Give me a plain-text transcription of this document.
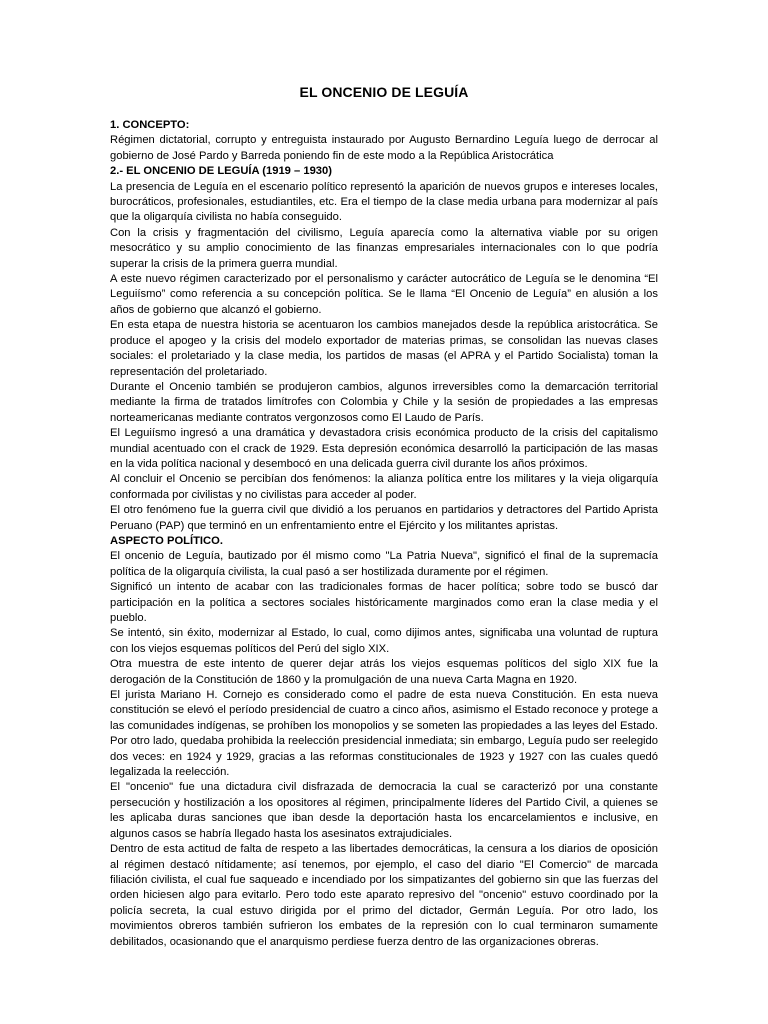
EL ONCENIO DE LEGUÍA
1. CONCEPTO:

Régimen dictatorial, corrupto y entreguista instaurado por Augusto Bernardino Leguía luego de derrocar al gobierno de José Pardo y Barreda poniendo fin de este modo a la República Aristocrática

2.- EL ONCENIO DE LEGUÍA (1919 – 1930)

La presencia de Leguía en el escenario político representó la aparición de nuevos grupos e intereses locales, burocráticos, profesionales, estudiantiles, etc. Era el tiempo de la clase media urbana para modernizar al país que la oligarquía civilista no había conseguido.

Con la crisis y fragmentación del civilismo, Leguía aparecía como la alternativa viable por su origen mesocrático y su amplio conocimiento de las finanzas empresariales internacionales con lo que podría superar la crisis de la primera guerra mundial.

A este nuevo régimen caracterizado por el personalismo y carácter autocrático de Leguía se le denomina “El Leguiísmo” como referencia a su concepción política. Se le llama “El Oncenio de Leguía” en alusión a los años de gobierno que alcanzó el gobierno.

En esta etapa de nuestra historia se acentuaron los cambios manejados desde la república aristocrática. Se produce el apogeo y la crisis del modelo exportador de materias primas, se consolidan las nuevas clases sociales: el proletariado y la clase media, los partidos de masas (el APRA y el Partido Socialista) toman la representación del proletariado.

Durante el Oncenio también se produjeron cambios, algunos irreversibles como la demarcación territorial mediante la firma de tratados limítrofes con Colombia y Chile y la sesión de propiedades a las empresas norteamericanas mediante contratos vergonzosos como El Laudo de París.

El Leguiísmo ingresó a una dramática y devastadora crisis económica producto de la crisis del capitalismo mundial acentuado con el crack de 1929. Esta depresión económica desarrolló la participación de las masas en la vida política nacional y desembocó en una delicada guerra civil durante los años próximos.

Al concluir el Oncenio se percibían dos fenómenos: la alianza política entre los militares y la vieja oligarquía conformada por civilistas y no civilistas para acceder al poder.

El otro fenómeno fue la guerra civil que dividió a los peruanos en partidarios y detractores del Partido Aprista Peruano (PAP) que terminó en un enfrentamiento entre el Ejército y los militantes apristas.

ASPECTO POLÍTICO.

El oncenio de Leguía, bautizado por él mismo como "La Patria Nueva", significó el final de la supremacía política de la oligarquía civilista, la cual pasó a ser hostilizada duramente por el régimen.

Significó un intento de acabar con las tradicionales formas de hacer política; sobre todo se buscó dar participación en la política a sectores sociales históricamente marginados como eran la clase media y el pueblo.

Se intentó, sin éxito, modernizar al Estado, lo cual, como dijimos antes, significaba una voluntad de ruptura con los viejos esquemas políticos del Perú del siglo XIX.

Otra muestra de este intento de querer dejar atrás los viejos esquemas políticos del siglo XIX fue la derogación de la Constitución de 1860 y la promulgación de una nueva Carta Magna en 1920.

El jurista Mariano H. Cornejo es considerado como el padre de esta nueva Constitución. En esta nueva constitución se elevó el período presidencial de cuatro a cinco años, asimismo el Estado reconoce y protege a las comunidades indígenas, se prohíben los monopolios y se someten las propiedades a las leyes del Estado. Por otro lado, quedaba prohibida la reelección presidencial inmediata; sin embargo, Leguía pudo ser reelegido dos veces: en 1924 y 1929, gracias a las reformas constitucionales de 1923 y 1927 con las cuales quedó legalizada la reelección.

El "oncenio" fue una dictadura civil disfrazada de democracia la cual se caracterizó por una constante persecución y hostilización a los opositores al régimen, principalmente líderes del Partido Civil, a quienes se les aplicaba duras sanciones que iban desde la deportación hasta los encarcelamientos e inclusive, en algunos casos se habría llegado hasta los asesinatos extrajudiciales.

Dentro de esta actitud de falta de respeto a las libertades democráticas, la censura a los diarios de oposición al régimen destacó nítidamente; así tenemos, por ejemplo, el caso del diario "El Comercio" de marcada filiación civilista, el cual fue saqueado e incendiado por los simpatizantes del gobierno sin que las fuerzas del orden hiciesen algo para evitarlo. Pero todo este aparato represivo del "oncenio" estuvo coordinado por la policía secreta, la cual estuvo dirigida por el primo del dictador, Germán Leguía. Por otro lado, los movimientos obreros también sufrieron los embates de la represión con lo cual terminaron sumamente debilitados, ocasionando que el anarquismo perdiese fuerza dentro de las organizaciones obreras.
